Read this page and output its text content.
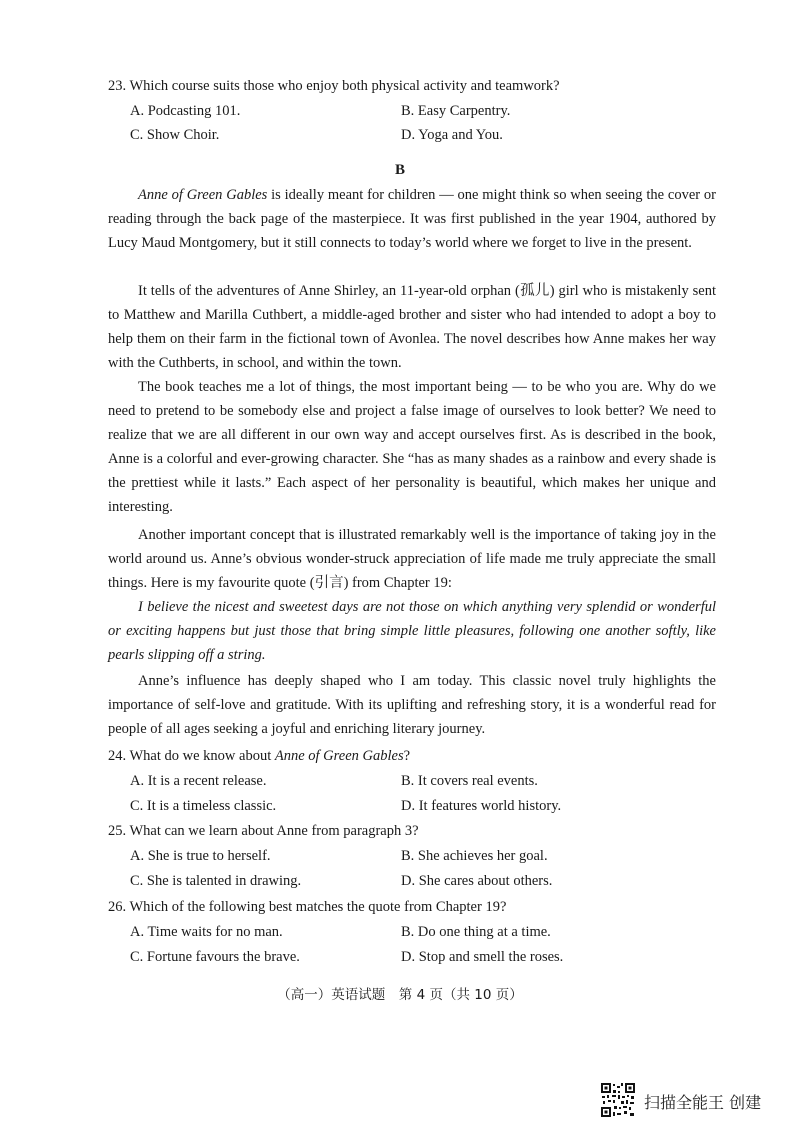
23. Which course suits those who enjoy both physical activity and teamwork?
A. Podcasting 101.	B. Easy Carpentry.
C. Show Choir.	D. Yoga and You.
B

Anne of Green Gables is ideally meant for children — one might think so when seeing the cover or reading through the back page of the masterpiece. It was first published in the year 1904, authored by Lucy Maud Montgomery, but it still connects to today’s world where we forget to live in the present.

It tells of the adventures of Anne Shirley, an 11-year-old orphan (孤儿) girl who is mistakenly sent to Matthew and Marilla Cuthbert, a middle-aged brother and sister who had intended to adopt a boy to help them on their farm in the fictional town of Avonlea. The novel describes how Anne makes her way with the Cuthberts, in school, and within the town.

The book teaches me a lot of things, the most important being — to be who you are. Why do we need to pretend to be somebody else and project a false image of ourselves to look better? We need to realize that we are all different in our own way and accept ourselves first. As is described in the book, Anne is a colorful and ever-growing character. She “has as many shades as a rainbow and every shade is the prettiest while it lasts.” Each aspect of her personality is beautiful, which makes her unique and interesting.

Another important concept that is illustrated remarkably well is the importance of taking joy in the world around us. Anne’s obvious wonder-struck appreciation of life made me truly appreciate the small things. Here is my favourite quote (引言) from Chapter 19:

I believe the nicest and sweetest days are not those on which anything very splendid or wonderful or exciting happens but just those that bring simple little pleasures, following one another softly, like pearls slipping off a string.

Anne’s influence has deeply shaped who I am today. This classic novel truly highlights the importance of self-love and gratitude. With its uplifting and refreshing story, it is a wonderful read for people of all ages seeking a joyful and enriching literary journey.

24. What do we know about Anne of Green Gables?
A. It is a recent release.	B. It covers real events.
C. It is a timeless classic.	D. It features world history.
25. What can we learn about Anne from paragraph 3?
A. She is true to herself.	B. She achieves her goal.
C. She is talented in drawing.	D. She cares about others.
26. Which of the following best matches the quote from Chapter 19?
A. Time waits for no man.	B. Do one thing at a time.
C. Fortune favours the brave.	D. Stop and smell the roses.
（高一）英语试题　第 4 页（共 10 页）
扫描全能王 创建
